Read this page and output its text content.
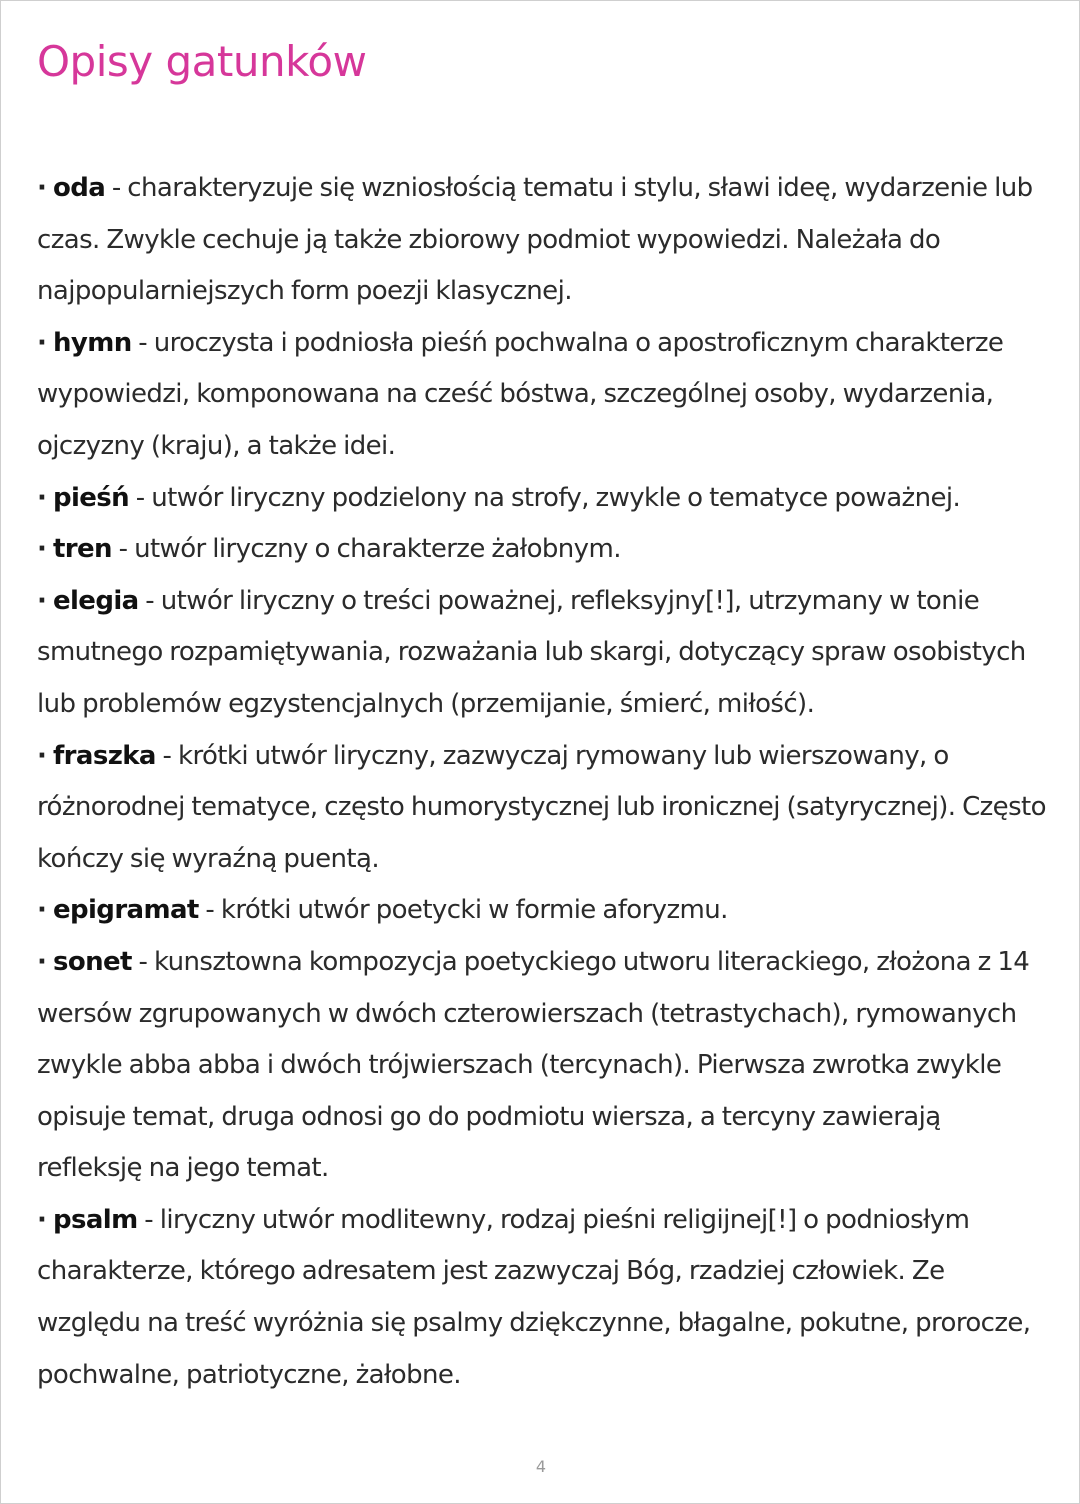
Opisy gatunków
· oda - charakteryzuje się wzniosłością tematu i stylu, sławi ideę, wydarzenie lub czas. Zwykle cechuje ją także zbiorowy podmiot wypowiedzi. Należała do najpopularniejszych form poezji klasycznej.
· hymn - uroczysta i podniosła pieśń pochwalna o apostroficznym charakterze wypowiedzi, komponowana na cześć bóstwa, szczególnej osoby, wydarzenia, ojczyzny (kraju), a także idei.
· pieśń - utwór liryczny podzielony na strofy, zwykle o tematyce poważnej.
· tren - utwór liryczny o charakterze żałobnym.
· elegia - utwór liryczny o treści poważnej, refleksyjny[!], utrzymany w tonie smutnego rozpamiętywania, rozważania lub skargi, dotyczący spraw osobistych lub problemów egzystencjalnych (przemijanie, śmierć, miłość).
· fraszka - krótki utwór liryczny, zazwyczaj rymowany lub wierszowany, o różnorodnej tematyce, często humorystycznej lub ironicznej (satyrycznej). Często kończy się wyraźną puentą.
· epigramat - krótki utwór poetycki w formie aforyzmu.
· sonet - kunsztowna kompozycja poetyckiego utworu literackiego, złożona z 14 wersów zgrupowanych w dwóch czterowierszach (tetrastychach), rymowanych zwykle abba abba i dwóch trójwierszach (tercynach). Pierwsza zwrotka zwykle opisuje temat, druga odnosi go do podmiotu wiersza, a tercyny zawierają refleksję na jego temat.
· psalm - liryczny utwór modlitewny, rodzaj pieśni religijnej[!] o podniosłym charakterze, którego adresatem jest zazwyczaj Bóg, rzadziej człowiek. Ze względu na treść wyróżnia się psalmy dziękczynne, błagalne, pokutne, prorocze, pochwalne, patriotyczne, żałobne.
4
